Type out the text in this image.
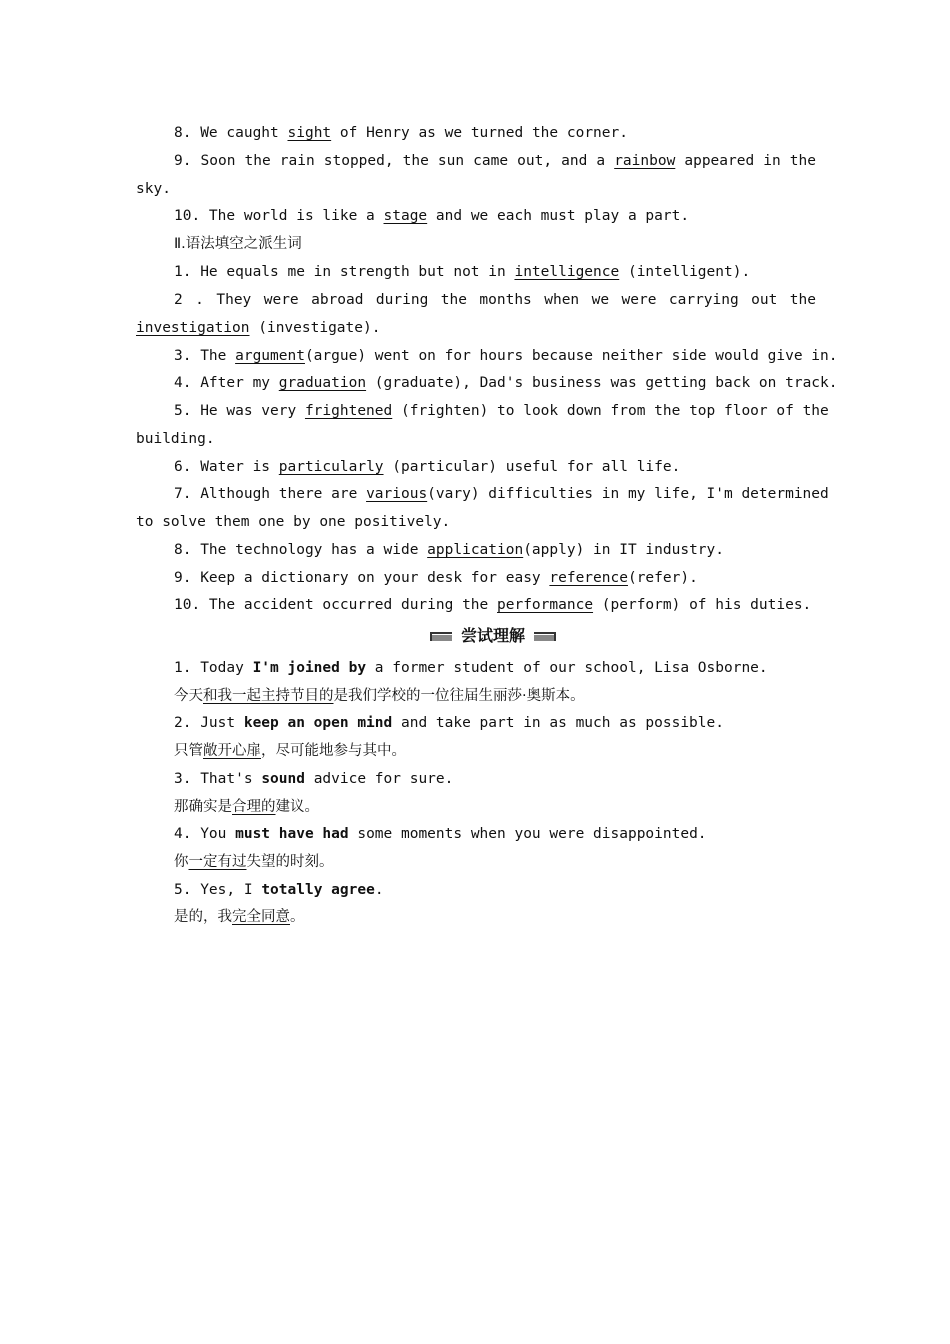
8. We caught sight of Henry as we turned the corner.
9. Soon the rain stopped, the sun came out, and a rainbow appeared in the
sky.
10. The world is like a stage and we each must play a part.
Ⅱ.语法填空之派生词
1. He equals me in strength but not in intelligence (intelligent).
2 . They were abroad during the months when we were carrying out the
investigation (investigate).
3. The argument(argue) went on for hours because neither side would give in.
4. After my graduation (graduate), Dad's business was getting back on track.
5. He was very frightened (frighten) to look down from the top floor of the
building.
6. Water is particularly (particular) useful for all life.
7. Although there are various(vary) difficulties in my life, I'm determined
to solve them one by one positively.
8. The technology has a wide application(apply) in IT industry.
9. Keep a dictionary on your desk for easy reference(refer).
10. The accident occurred during the performance (perform) of his duties.
尝试理解
1. Today I'm joined by a former student of our school, Lisa Osborne.
今天和我一起主持节目的是我们学校的一位往届生丽莎·奥斯本。
2. Just keep an open mind and take part in as much as possible.
只管敞开心扉，尽可能地参与其中。
3. That's sound advice for sure.
那确实是合理的建议。
4. You must have had some moments when you were disappointed.
你一定有过失望的时刻。
5. Yes, I totally agree.
是的，我完全同意。
